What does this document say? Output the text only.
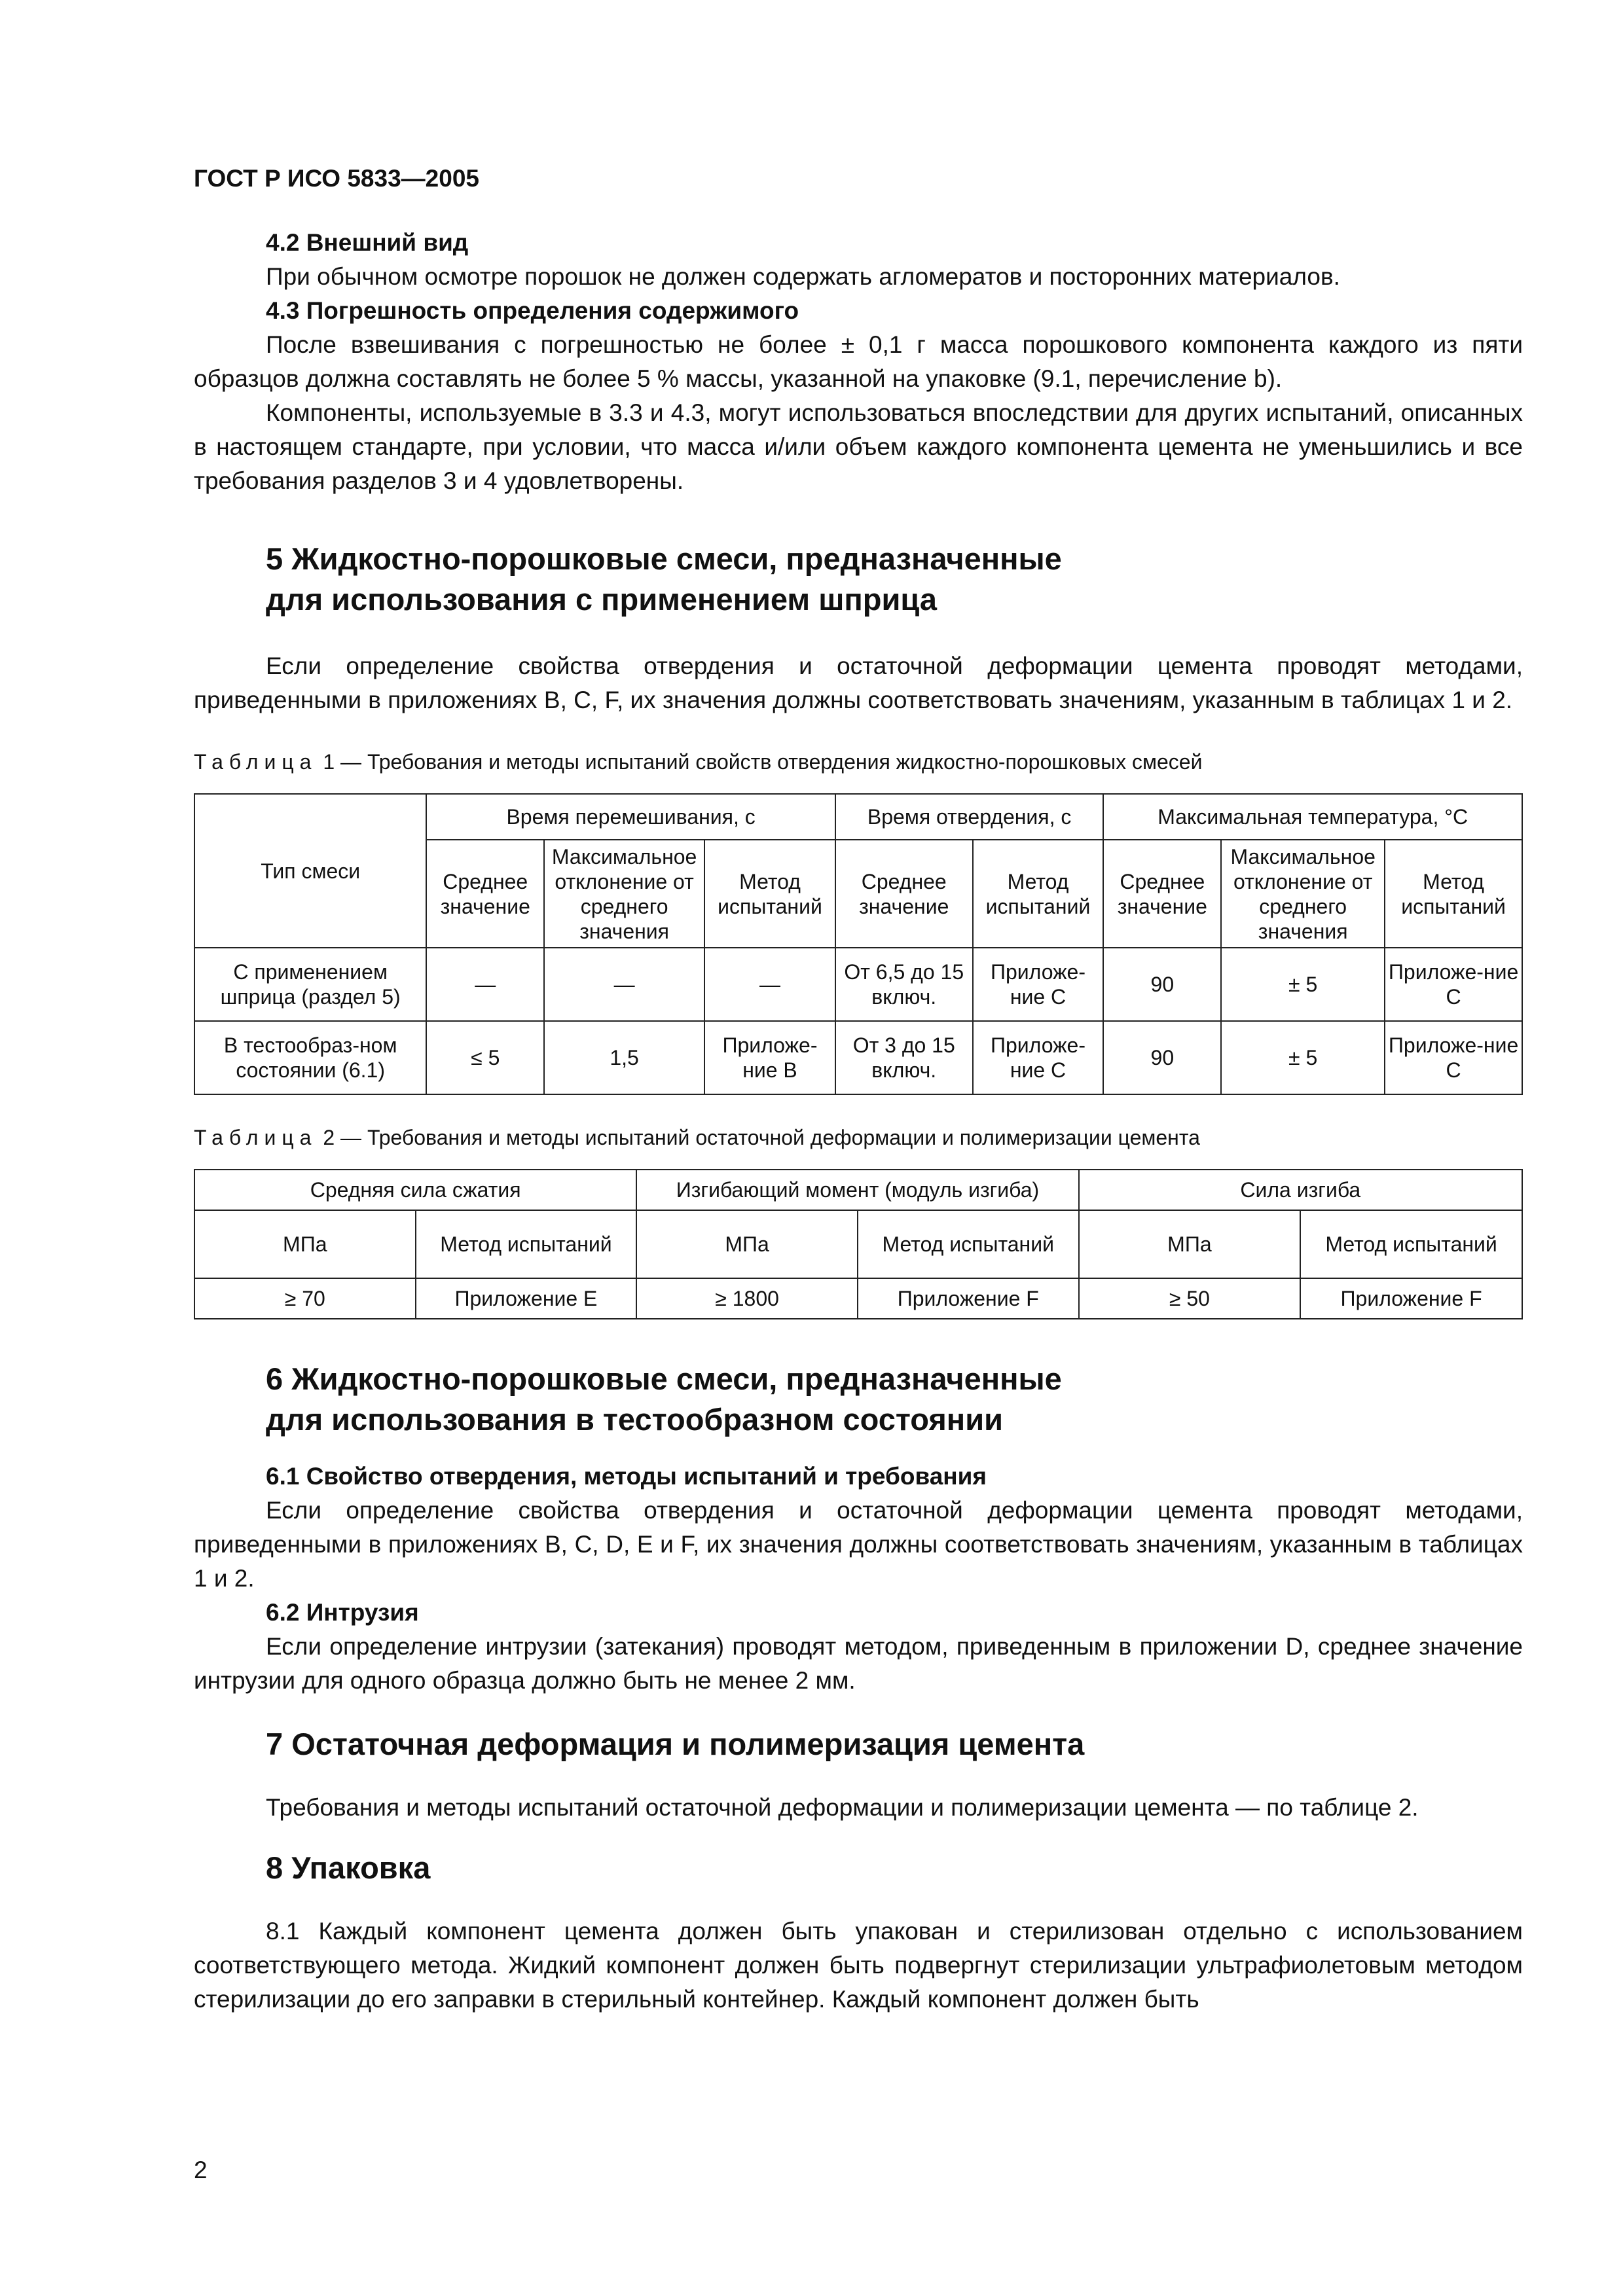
ГОСТ Р ИСО 5833—2005

4.2 Внешний вид

При обычном осмотре порошок не должен содержать агломератов и посторонних материалов.

4.3 Погрешность определения содержимого

После взвешивания с погрешностью не более ± 0,1 г масса порошкового компонента каждого из пяти образцов должна составлять не более 5 % массы, указанной на упаковке (9.1, перечисление b).

Компоненты, используемые в 3.3 и 4.3, могут использоваться впоследствии для других испытаний, описанных в настоящем стандарте, при условии, что масса и/или объем каждого компонента цемента не уменьшились и все требования разделов 3 и 4 удовлетворены.

5 Жидкостно-порошковые смеси, предназначенные

для использования с применением шприца

Если определение свойства отвердения и остаточной деформации цемента проводят методами, приведенными в приложениях В, С, F, их значения должны соответствовать значениям, указанным в таблицах 1 и 2.

Таблица 1 — Требования и методы испытаний свойств отвердения жидкостно-порошковых смесей

Тип смеси	Время перемешивания, с			Время отвердения, с		Максимальная температура, °С		
	Среднее значение	Максимальное отклонение от среднего значения	Метод испытаний	Среднее значение	Метод испытаний	Среднее значение	Максимальное отклонение от среднего значения	Метод испытаний
С применением шприца (раздел 5)	—	—	—	От 6,5 до 15 включ.	Приложе-ние С	90	± 5	Приложе-ние С
В тестообраз-ном состоянии (6.1)	≤ 5	1,5	Приложе-ние В	От 3 до 15 включ.	Приложе-ние С	90	± 5	Приложе-ние С

Таблица 2 — Требования и методы испытаний остаточной деформации и полимеризации цемента

Средняя сила сжатия		Изгибающий момент (модуль изгиба)		Сила изгиба	
МПа	Метод испытаний	МПа	Метод испытаний	МПа	Метод испытаний
≥ 70	Приложение Е	≥ 1800	Приложение F	≥ 50	Приложение F

6 Жидкостно-порошковые смеси, предназначенные

для использования в тестообразном состоянии

6.1 Свойство отвердения, методы испытаний и требования

Если определение свойства отвердения и остаточной деформации цемента проводят методами, приведенными в приложениях В, С, D, Е и F, их значения должны соответствовать значениям, указанным в таблицах 1 и 2.

6.2 Интрузия

Если определение интрузии (затекания) проводят методом, приведенным в приложении D, среднее значение интрузии для одного образца должно быть не менее 2 мм.

7 Остаточная деформация и полимеризация цемента

Требования и методы испытаний остаточной деформации и полимеризации цемента — по таблице 2.

8 Упаковка

8.1 Каждый компонент цемента должен быть упакован и стерилизован отдельно с использованием соответствующего метода. Жидкий компонент должен быть подвергнут стерилизации ультрафиолетовым методом стерилизации до его заправки в стерильный контейнер. Каждый компонент должен быть

2
